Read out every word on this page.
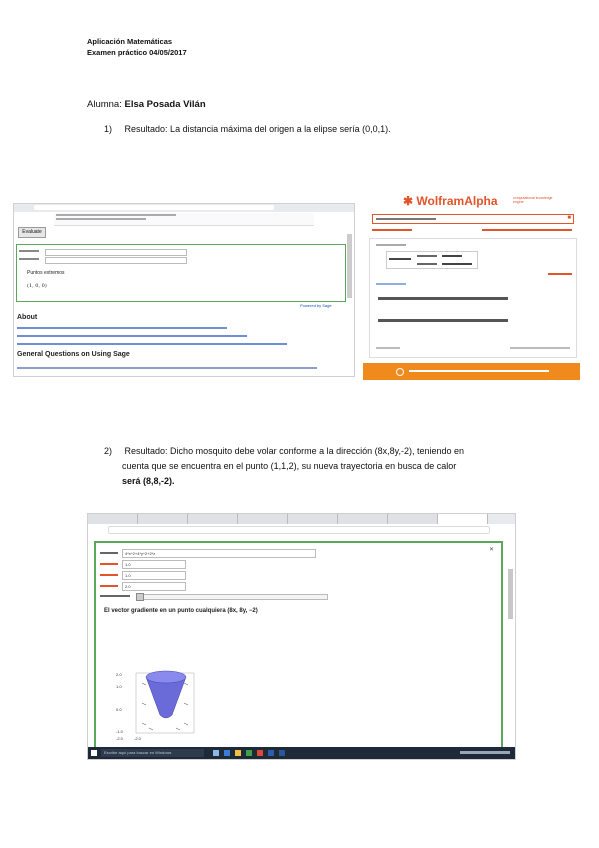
Aplicación Matemáticas
Examen práctico 04/05/2017
Alumna: Elsa Posada Vilán
1) Resultado: La distancia máxima del origen a la elipse sería (0,0,1).
Evaluate
Puntos extremos
(1, 0, 0)
Powered by Sage
About
General Questions on Using Sage
✱ WolframAlpha	computational knowledge engine
■
2) Resultado: Dicho mosquito debe volar conforme a la dirección (8x,8y,-2), teniendo en
cuenta que se encuentra en el punto (1,1,2), su nueva trayectoria en busca de calor
será (8,8,-2).
✕
4*x^2+4*y^2+2*z
1.0
1.0
2.0
El vector gradiente en un punto cualquiera (8x, 8y, −2)
2.0
1.0
0.0
-1.0
-2.0	-2.0
Escribe aquí para buscar en Windows
